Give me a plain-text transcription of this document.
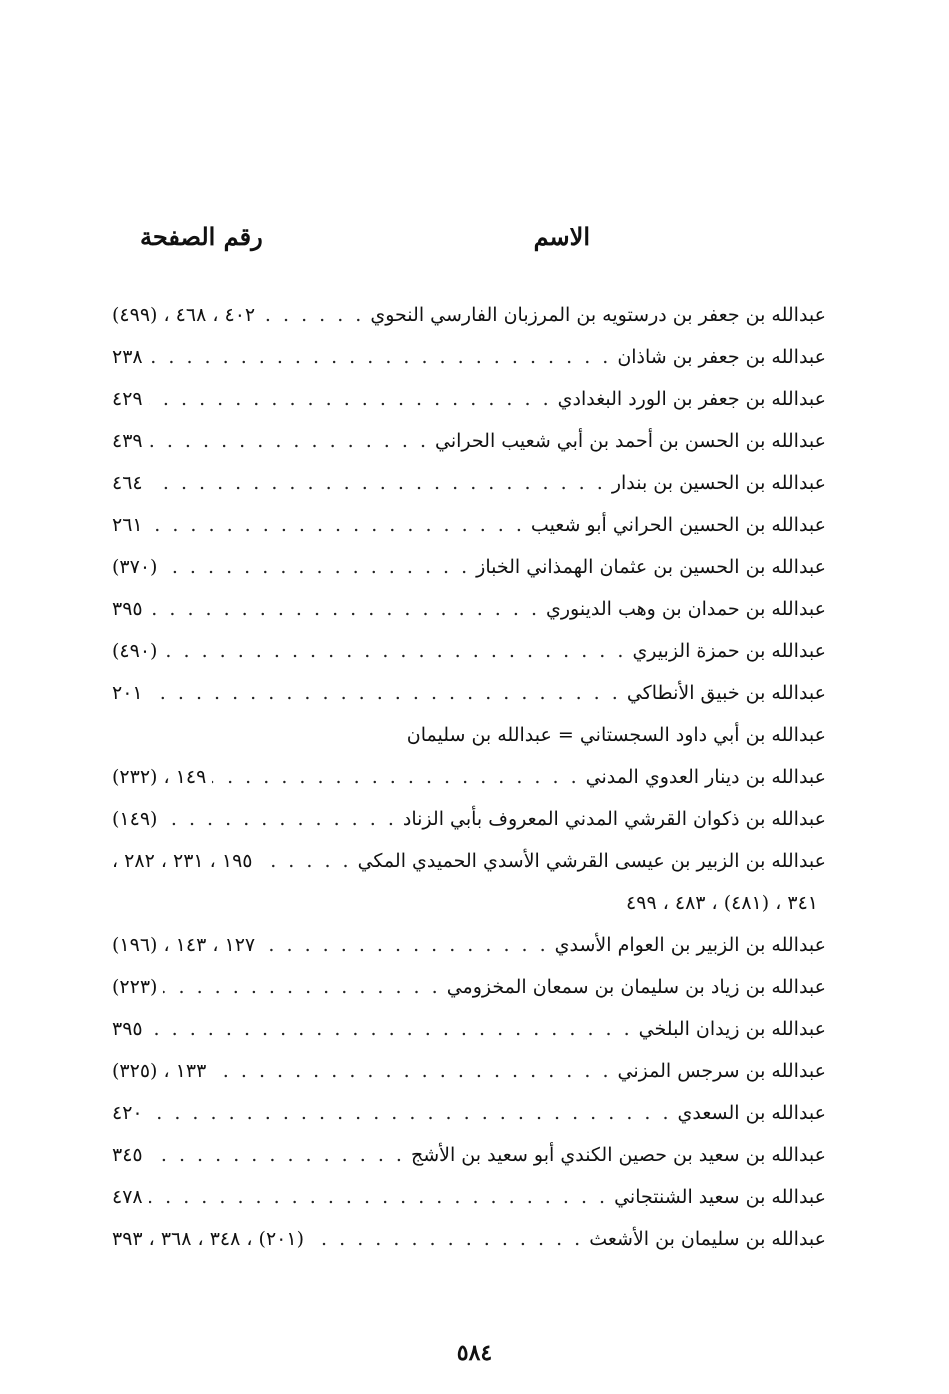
الاسم
رقم الصفحة
عبدالله بن جعفر بن درستويه بن المرزبان الفارسي النحوي
. . .
٤٠٢ ، ٤٦٨ ، (٤٩٩)
عبدالله بن جعفر بن شاذان
. . .
٢٣٨
عبدالله بن جعفر بن الورد البغدادي
. . .
٤٢٩
عبدالله بن الحسن بن أحمد بن أبي شعيب الحراني
. . .
٤٣٩
عبدالله بن الحسين بن بندار
. . .
٤٦٤
عبدالله بن الحسين الحراني أبو شعيب
. . .
٢٦١
عبدالله بن الحسين بن عثمان الهمذاني الخباز
. . .
(٣٧٠)
عبدالله بن حمدان بن وهب الدينوري
. . .
٣٩٥
عبدالله بن حمزة الزبيري
. . .
(٤٩٠)
عبدالله بن خبيق الأنطاكي
. . .
٢٠١
عبدالله بن أبي داود السجستاني = عبدالله بن سليمان
عبدالله بن دينار العدوي المدني
. . .
١٤٩ ، (٢٣٢)
عبدالله بن ذكوان القرشي المدني المعروف بأبي الزناد
. . .
(١٤٩)
عبدالله بن الزبير بن عيسى القرشي الأسدي الحميدي المكي
. . .
١٩٥ ، ٢٣١ ، ٢٨٢ ،
٣٤١ ، (٤٨١) ، ٤٨٣ ، ٤٩٩
عبدالله بن الزبير بن العوام الأسدي
. . .
١٢٧ ، ١٤٣ ، (١٩٦)
عبدالله بن زياد بن سليمان بن سمعان المخزومي
. . .
(٢٢٣)
عبدالله بن زيدان البلخي
. . .
٣٩٥
عبدالله بن سرجس المزني
. . .
١٣٣ ، (٣٢٥)
عبدالله بن السعدي
. . .
٤٢٠
عبدالله بن سعيد بن حصين الكندي أبو سعيد بن الأشج
. . .
٣٤٥
عبدالله بن سعيد الشنتجاني
. . .
٤٧٨
عبدالله بن سليمان بن الأشعث
. . .
(٢٠١) ، ٣٤٨ ، ٣٦٨ ، ٣٩٣
٥٨٤
